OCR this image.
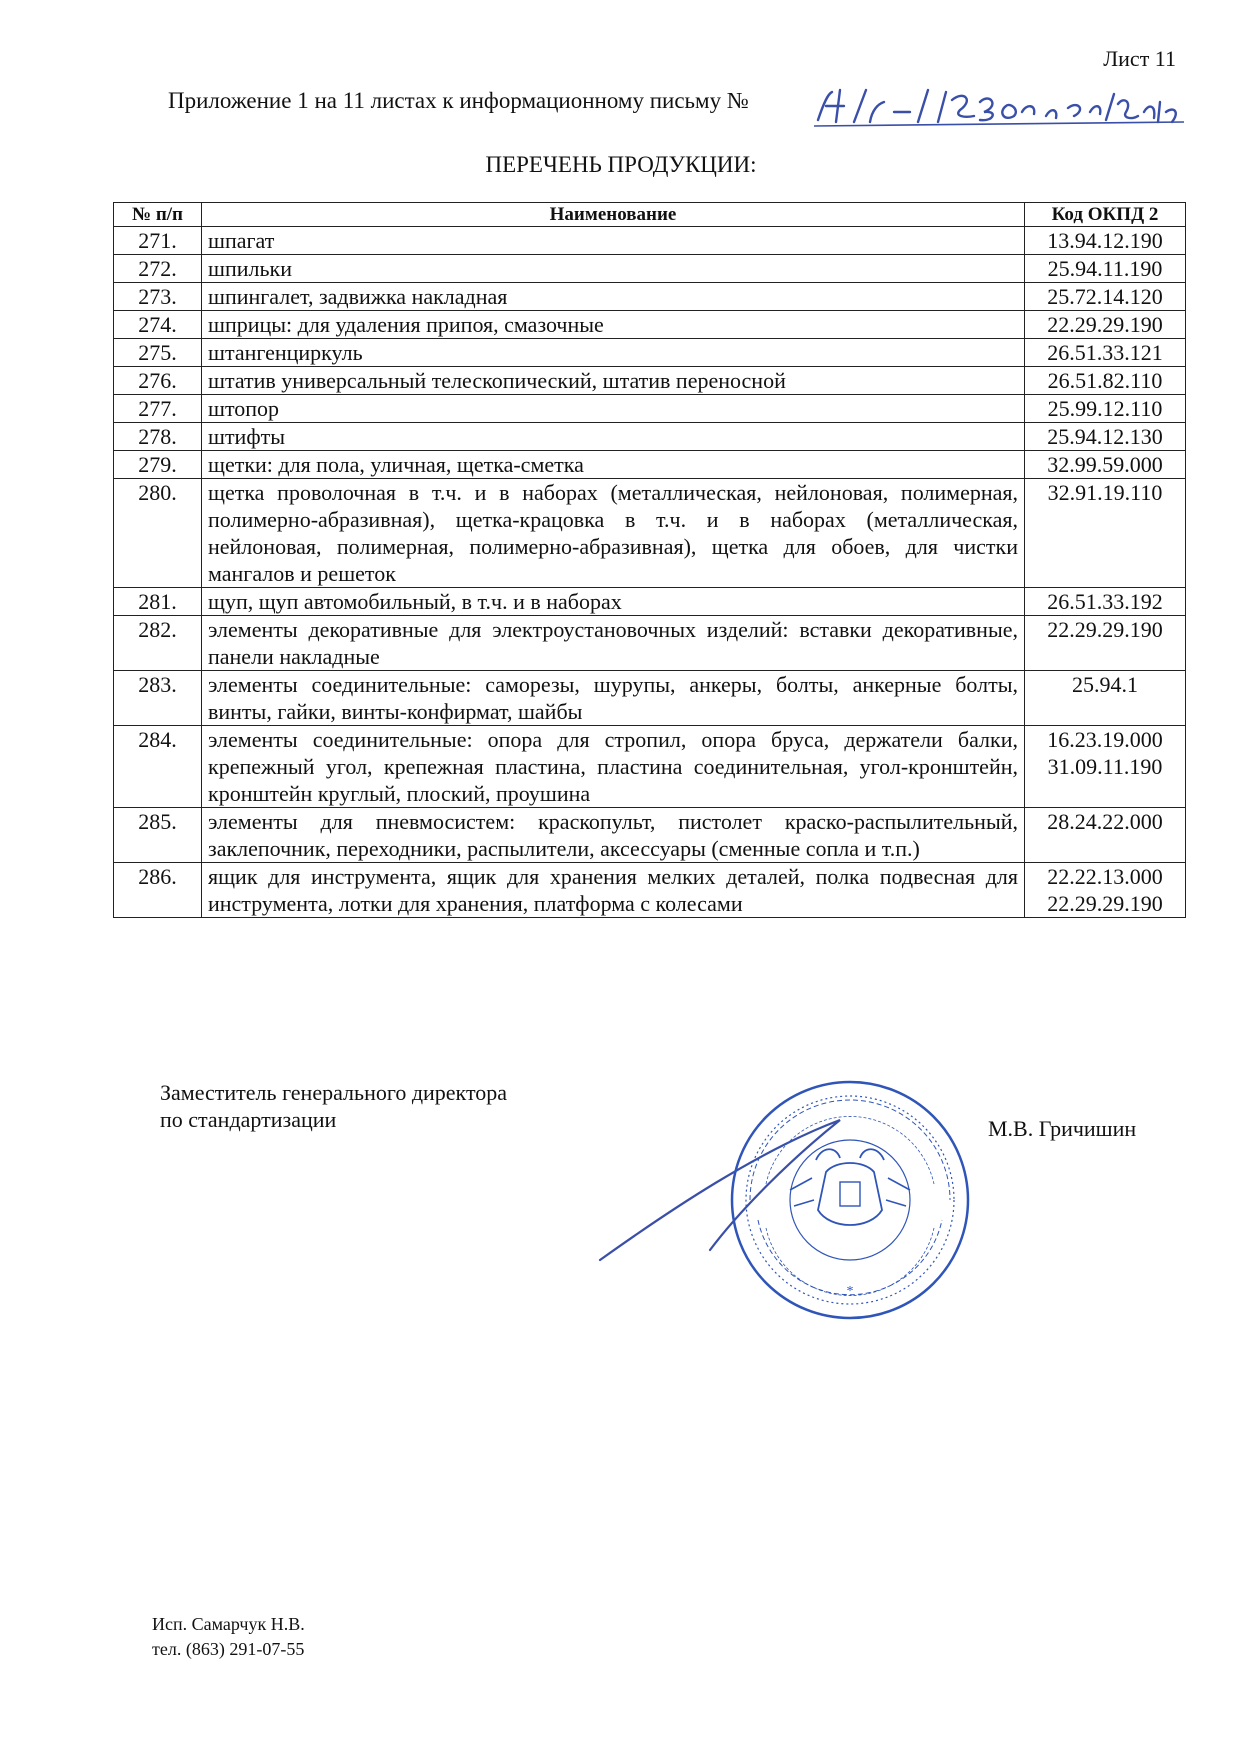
Лист 11
Приложение 1 на 11 листах к информационному письму №
ПЕРЕЧЕНЬ ПРОДУКЦИИ:
№ п/п	Наименование	Код ОКПД 2
271.	шпагат	13.94.12.190

272.	шпильки	25.94.11.190

273.	шпингалет, задвижка накладная	25.72.14.120

274.	шприцы: для удаления припоя, смазочные	22.29.29.190

275.	штангенциркуль	26.51.33.121

276.	штатив универсальный телескопический, штатив переносной	26.51.82.110

277.	штопор	25.99.12.110

278.	штифты	25.94.12.130

279.	щетки: для пола, уличная, щетка-сметка	32.99.59.000

280.	щетка проволочная в т.ч. и в наборах (металлическая, нейлоновая, полимерная, полимерно-абразивная), щетка-крацовка в т.ч. и в наборах (металлическая, нейлоновая, полимерная, полимерно-абразивная), щетка для обоев, для чистки мангалов и решеток	32.91.19.110

281.	щуп, щуп автомобильный, в т.ч. и в наборах	26.51.33.192

282.	элементы декоративные для электроустановочных изделий: вставки декоративные, панели накладные	22.29.29.190

283.	элементы соединительные: саморезы, шурупы, анкеры, болты, анкерные болты, винты, гайки, винты-конфирмат, шайбы	25.94.1

284.	элементы соединительные: опора для стропил, опора бруса, держатели балки, крепежный угол, крепежная пластина, пластина соединительная, угол-кронштейн, кронштейн круглый, плоский, проушина	16.23.19.000
31.09.11.190

285.	элементы для пневмосистем: краскопульт, пистолет краско-распылительный, заклепочник, переходники, распылители, аксессуары (сменные сопла и т.п.)	28.24.22.000

286.	ящик для инструмента, ящик для хранения мелких деталей, полка подвесная для инструмента, лотки для хранения, платформа с колесами	22.22.13.000
22.29.29.190
Заместитель генерального директора
по стандартизации
*
М.В. Гричишин
Исп. Самарчук Н.В.
тел. (863) 291-07-55
